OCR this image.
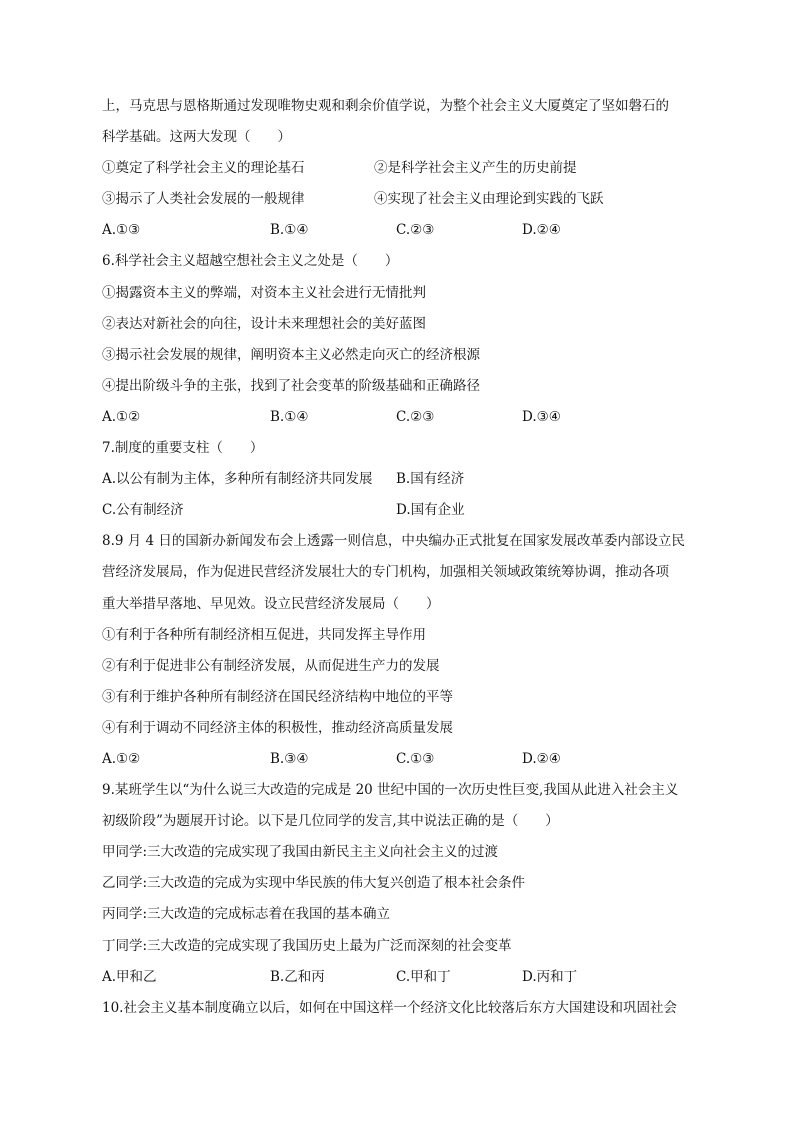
上，马克思与恩格斯通过发现唯物史观和剩余价值学说，为整个社会主义大厦奠定了坚如磐石的
科学基础。这两大发现（　　）
①奠定了科学社会主义的理论基石	②是科学社会主义产生的历史前提
③揭示了人类社会发展的一般规律	④实现了社会主义由理论到实践的飞跃
A.①③	B.①④	C.②③	D.②④
6.科学社会主义超越空想社会主义之处是（　　）
①揭露资本主义的弊端，对资本主义社会进行无情批判
②表达对新社会的向往，设计未来理想社会的美好蓝图
③揭示社会发展的规律，阐明资本主义必然走向灭亡的经济根源
④提出阶级斗争的主张，找到了社会变革的阶级基础和正确路径
A.①②	B.①④	C.②③	D.③④
7.制度的重要支柱（　　）
A.以公有制为主体，多种所有制经济共同发展	B.国有经济
C.公有制经济	D.国有企业
8.9 月 4 日的国新办新闻发布会上透露一则信息，中央编办正式批复在国家发展改革委内部设立民
营经济发展局，作为促进民营经济发展壮大的专门机构，加强相关领域政策统筹协调，推动各项
重大举措早落地、早见效。设立民营经济发展局（　　）
①有利于各种所有制经济相互促进，共同发挥主导作用
②有利于促进非公有制经济发展，从而促进生产力的发展
③有利于维护各种所有制经济在国民经济结构中地位的平等
④有利于调动不同经济主体的积极性，推动经济高质量发展
A.①②	B.③④	C.①③	D.②④
9.某班学生以“为什么说三大改造的完成是 20 世纪中国的一次历史性巨变,我国从此进入社会主义
初级阶段”为题展开讨论。以下是几位同学的发言,其中说法正确的是（　　）
甲同学:三大改造的完成实现了我国由新民主主义向社会主义的过渡
乙同学:三大改造的完成为实现中华民族的伟大复兴创造了根本社会条件
丙同学:三大改造的完成标志着在我国的基本确立
丁同学:三大改造的完成实现了我国历史上最为广泛而深刻的社会变革
A.甲和乙	B.乙和丙	C.甲和丁	D.丙和丁
10.社会主义基本制度确立以后，如何在中国这样一个经济文化比较落后东方大国建设和巩固社会
